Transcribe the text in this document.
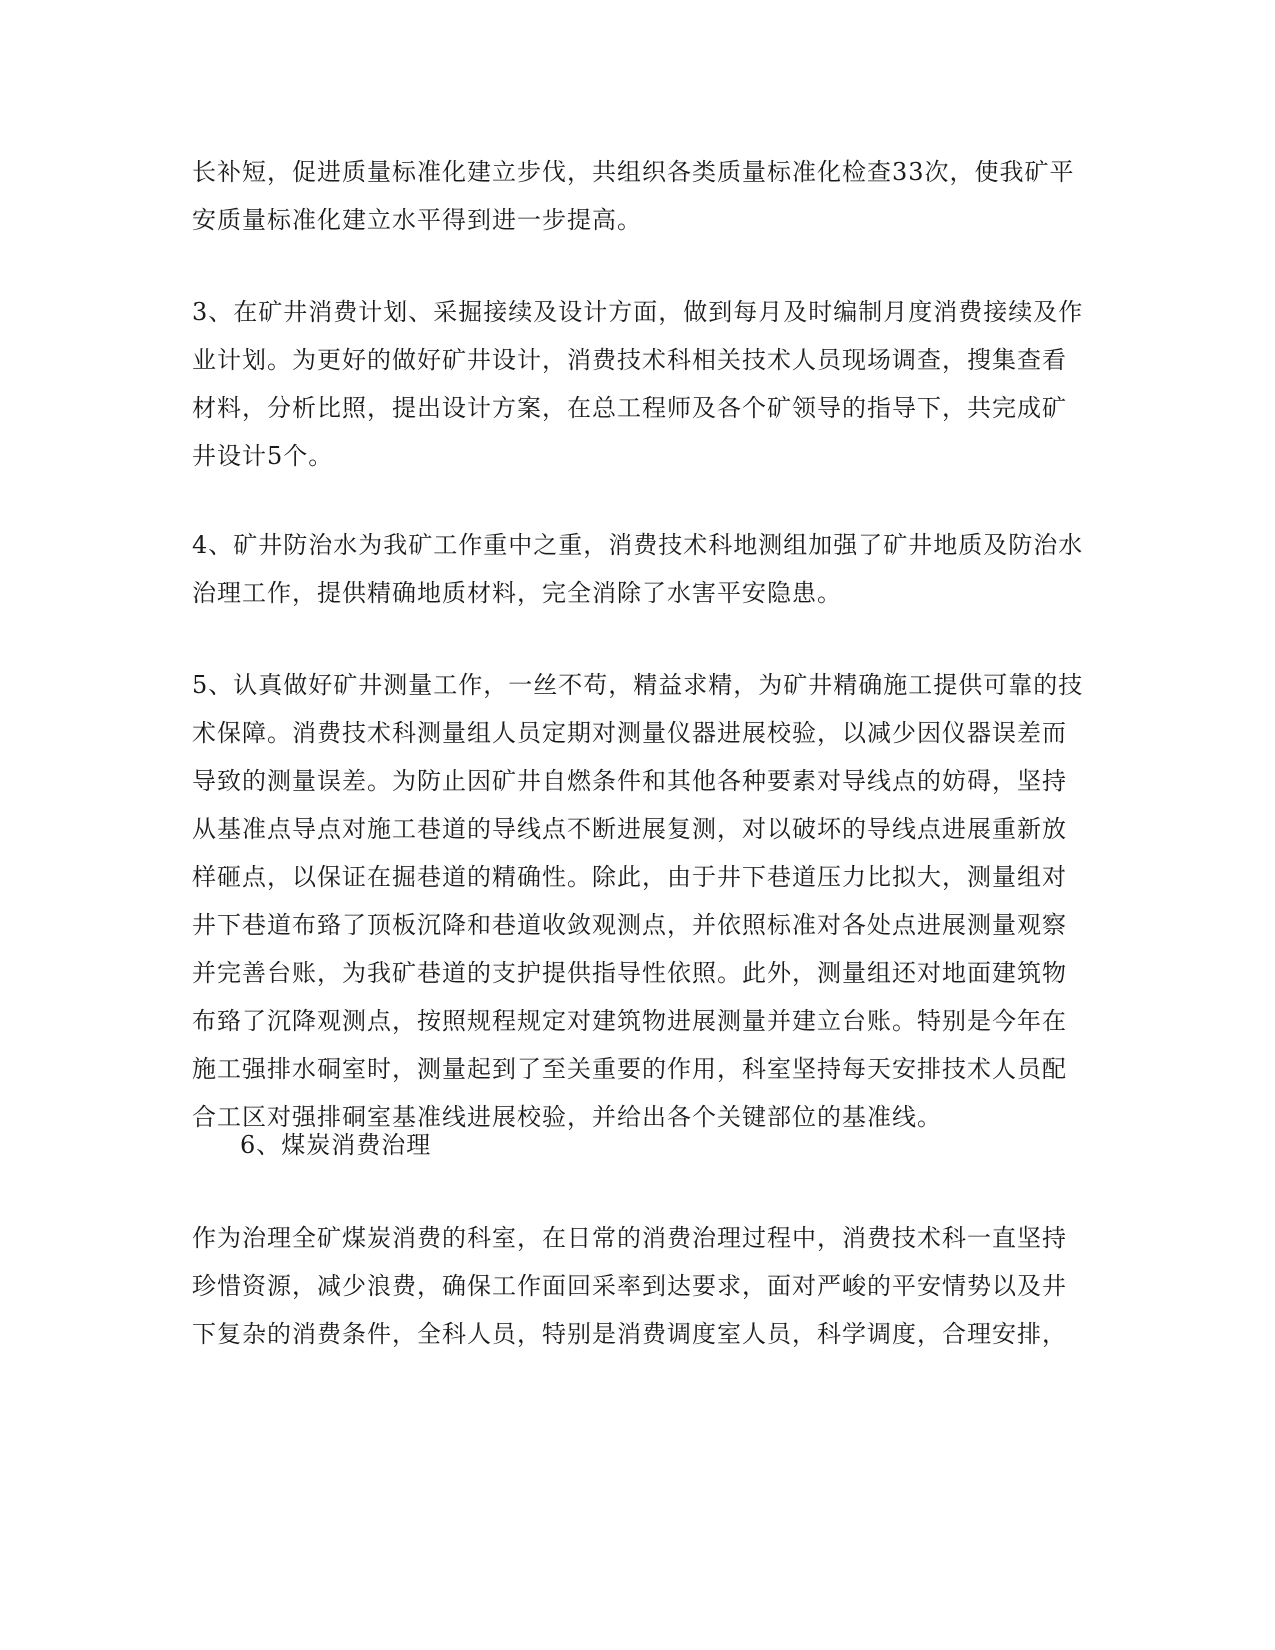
长补短，促进质量标准化建立步伐，共组织各类质量标准化检查33次，使我矿平
安质量标准化建立水平得到进一步提高。
3、在矿井消费计划、采掘接续及设计方面，做到每月及时编制月度消费接续及作
业计划。为更好的做好矿井设计，消费技术科相关技术人员现场调查，搜集查看
材料，分析比照，提出设计方案，在总工程师及各个矿领导的指导下，共完成矿
井设计5个。
4、矿井防治水为我矿工作重中之重，消费技术科地测组加强了矿井地质及防治水
治理工作，提供精确地质材料，完全消除了水害平安隐患。
5、认真做好矿井测量工作，一丝不苟，精益求精，为矿井精确施工提供可靠的技
术保障。消费技术科测量组人员定期对测量仪器进展校验，以减少因仪器误差而
导致的测量误差。为防止因矿井自燃条件和其他各种要素对导线点的妨碍，坚持
从基准点导点对施工巷道的导线点不断进展复测，对以破坏的导线点进展重新放
样砸点，以保证在掘巷道的精确性。除此，由于井下巷道压力比拟大，测量组对
井下巷道布臵了顶板沉降和巷道收敛观测点，并依照标准对各处点进展测量观察
并完善台账，为我矿巷道的支护提供指导性依照。此外，测量组还对地面建筑物
布臵了沉降观测点，按照规程规定对建筑物进展测量并建立台账。特别是今年在
施工强排水硐室时，测量起到了至关重要的作用，科室坚持每天安排技术人员配
合工区对强排硐室基准线进展校验，并给出各个关键部位的基准线。
6、煤炭消费治理
作为治理全矿煤炭消费的科室，在日常的消费治理过程中，消费技术科一直坚持
珍惜资源，减少浪费，确保工作面回采率到达要求，面对严峻的平安情势以及井
下复杂的消费条件，全科人员，特别是消费调度室人员，科学调度，合理安排，
